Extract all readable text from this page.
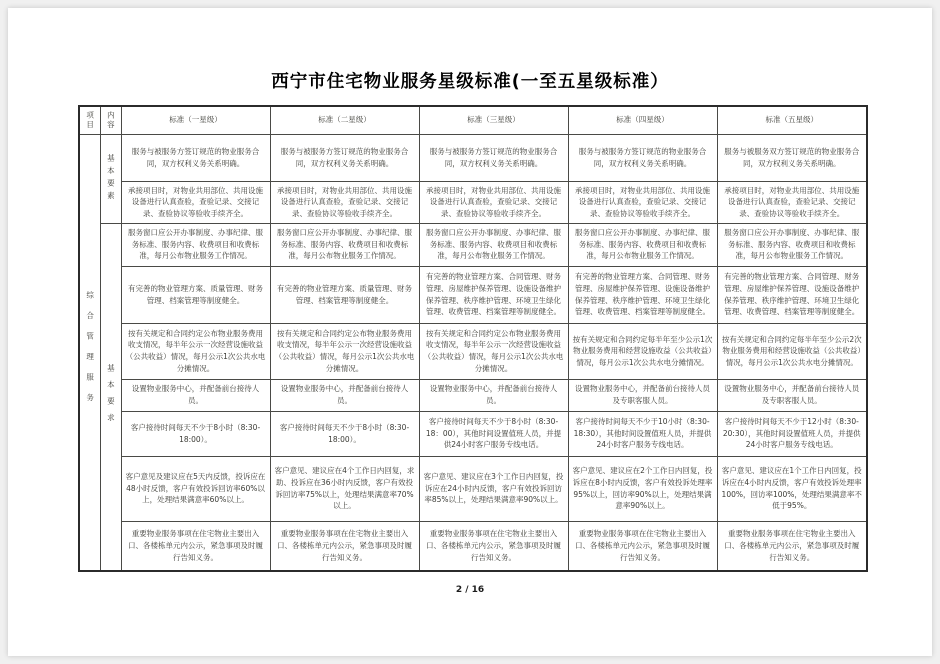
西宁市住宅物业服务星级标准(一至五星级标准）
项目	内容	标准（一星级）	标准（二星级）	标准（三星级）	标准（四星级）	标准（五星级）
综合管理服务	基本要素	服务与被服务方签订规范的物业服务合同，双方权利义务关系明确。	服务与被服务方签订规范的物业服务合同，双方权利义务关系明确。	服务与被服务方签订规范的物业服务合同，双方权利义务关系明确。	服务与被服务方签订规范的物业服务合同，双方权利义务关系明确。	服务与被服务双方签订规范的物业服务合同，双方权利义务关系明确。
		承接项目时，对物业共用部位、共用设施设备进行认真查验，查验记录、交接记录、查验协议等验收手续齐全。	承接项目时，对物业共用部位、共用设施设备进行认真查验，查验记录、交接记录、查验协议等验收手续齐全。	承接项目时，对物业共用部位、共用设施设备进行认真查验，查验记录、交接记录、查验协议等验收手续齐全。	承接项目时，对物业共用部位、共用设施设备进行认真查验，查验记录、交接记录、查验协议等验收手续齐全。	承接项目时，对物业共用部位、共用设施设备进行认真查验，查验记录、交接记录、查验协议等验收手续齐全。
	基本要求	服务窗口应公开办事制度、办事纪律、服务标准、服务内容、收费项目和收费标准，每月公布物业服务工作情况。	服务窗口应公开办事制度、办事纪律、服务标准、服务内容、收费项目和收费标准，每月公布物业服务工作情况。	服务窗口应公开办事制度、办事纪律、服务标准、服务内容、收费项目和收费标准，每月公布物业服务工作情况。	服务窗口应公开办事制度、办事纪律、服务标准、服务内容、收费项目和收费标准，每月公布物业服务工作情况。	服务窗口应公开办事制度、办事纪律、服务标准、服务内容、收费项目和收费标准，每月公布物业服务工作情况。
		有完善的物业管理方案、质量管理、财务管理、档案管理等制度健全。	有完善的物业管理方案、质量管理、财务管理、档案管理等制度健全。	有完善的物业管理方案、合同管理、财务管理、房屋维护保养管理、设施设备维护保养管理、秩序维护管理、环境卫生绿化管理、收费管理、档案管理等制度健全。	有完善的物业管理方案、合同管理、财务管理、房屋维护保养管理、设施设备维护保养管理、秩序维护管理、环境卫生绿化管理、收费管理、档案管理等制度健全。	有完善的物业管理方案、合同管理、财务管理、房屋维护保养管理、设施设备维护保养管理、秩序维护管理、环境卫生绿化管理、收费管理、档案管理等制度健全。
		按有关规定和合同约定公布物业服务费用收支情况，每半年公示一次经营设施收益（公共收益）情况，每月公示1次公共水电分摊情况。	按有关规定和合同约定公布物业服务费用收支情况，每半年公示一次经营设施收益（公共收益）情况，每月公示1次公共水电分摊情况。	按有关规定和合同约定公布物业服务费用收支情况，每半年公示一次经营设施收益（公共收益）情况，每月公示1次公共水电分摊情况。	按有关规定和合同约定每半年至少公示1次物业服务费用和经营设施收益（公共收益）情况，每月公示1次公共水电分摊情况。	按有关规定和合同约定每半年至少公示2次物业服务费用和经营设施收益（公共收益）情况，每月公示1次公共水电分摊情况。
		设置物业服务中心，并配备前台接待人员。	设置物业服务中心，并配备前台接待人员。	设置物业服务中心，并配备前台接待人员。	设置物业服务中心，并配备前台接待人员及专职客服人员。	设置物业服务中心，并配备前台接待人员及专职客服人员。
		客户接待时间每天不少于8小时（8:30-18:00）。	客户接待时间每天不少于8小时（8:30-18:00）。	客户接待时间每天不少于8小时（8:30-18：00），其他时间设置值班人员，并提供24小时客户服务专线电话。	客户接待时间每天不少于10小时（8:30-18:30），其他时间设置值班人员，并提供24小时客户服务专线电话。	客户接待时间每天不少于12小时（8:30-20:30），其他时间设置值班人员，并提供24小时客户服务专线电话。
		客户意见及建议应在5天内反馈，投诉应在48小时反馈，客户有效投诉回访率60%以上，处理结果满意率60%以上。	客户意见、建议应在4个工作日内回复，求助、投诉应在36小时内反馈，客户有效投诉回访率75%以上，处理结果满意率70%以上。	客户意见、建议应在3个工作日内回复，投诉应在24小时内反馈，客户有效投诉回访率85%以上，处理结果满意率90%以上。	客户意见、建议应在2个工作日内回复，投诉应在8小时内反馈，客户有效投诉处理率95%以上，回访率90%以上，处理结果满意率90%以上。	客户意见、建议应在1个工作日内回复，投诉应在4小时内反馈，客户有效投诉处理率100%，回访率100%，处理结果满意率不低于95%。
		重要物业服务事项在住宅物业主要出入口、各楼栋单元内公示，紧急事项及时履行告知义务。	重要物业服务事项在住宅物业主要出入口、各楼栋单元内公示，紧急事项及时履行告知义务。	重要物业服务事项在住宅物业主要出入口、各楼栋单元内公示，紧急事项及时履行告知义务。	重要物业服务事项在住宅物业主要出入口、各楼栋单元内公示，紧急事项及时履行告知义务。	重要物业服务事项在住宅物业主要出入口、各楼栋单元内公示，紧急事项及时履行告知义务。
2 / 16
